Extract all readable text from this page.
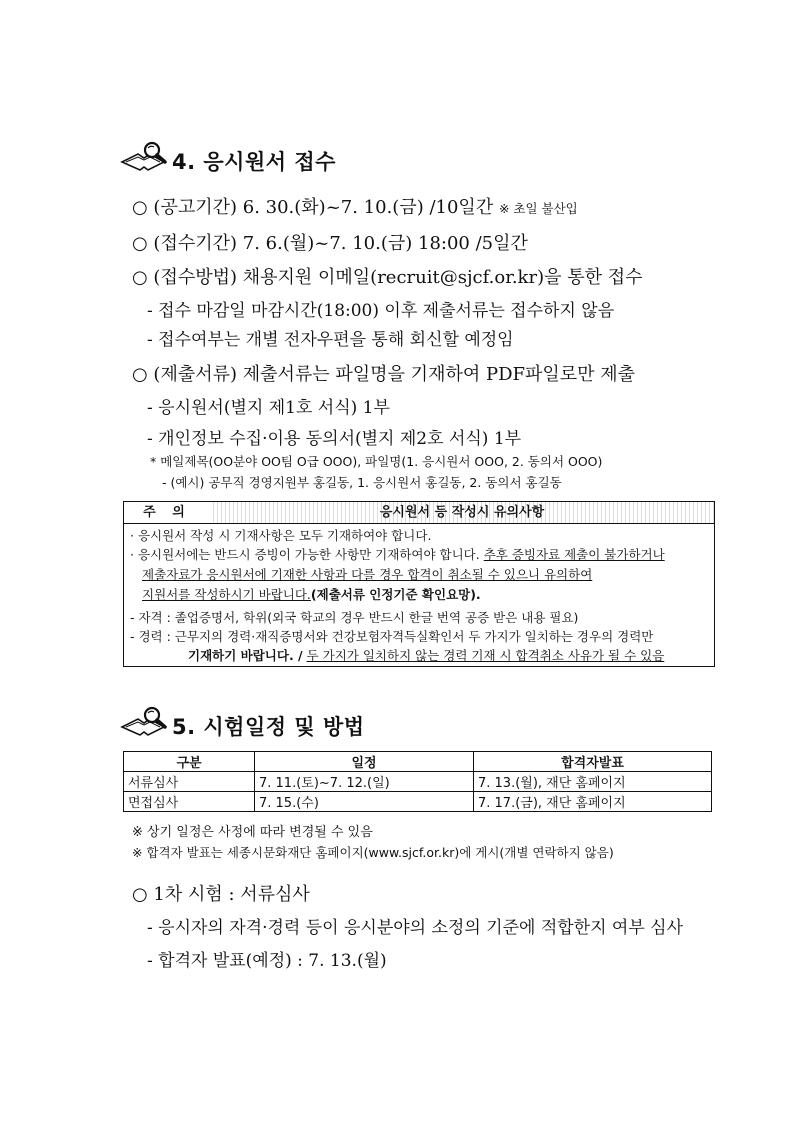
4. 응시원서 접수
○ (공고기간) 6. 30.(화)~7. 10.(금) /10일간 ※ 초일 불산입
○ (접수기간) 7. 6.(월)~7. 10.(금) 18:00 /5일간
○ (접수방법) 채용지원 이메일(recruit@sjcf.or.kr)을 통한 접수
- 접수 마감일 마감시간(18:00) 이후 제출서류는 접수하지 않음
- 접수여부는 개별 전자우편을 통해 회신할 예정임
○ (제출서류) 제출서류는 파일명을 기재하여 PDF파일로만 제출
- 응시원서(별지 제1호 서식) 1부
- 개인정보 수집·이용 동의서(별지 제2호 서식) 1부
* 메일제목(OO분야 OO팀 O급 OOO), 파일명(1. 응시원서 OOO, 2. 동의서 OOO)
- (예시) 공무직 경영지원부 홍길동, 1. 응시원서 홍길동, 2. 동의서 홍길동
주 의	응시원서 등 작성시 유의사항
· 응시원서 작성 시 기재사항은 모두 기재하여야 합니다.
· 응시원서에는 반드시 증빙이 가능한 사항만 기재하여야 합니다. 추후 증빙자료 제출이 불가하거나
제출자료가 응시원서에 기재한 사항과 다를 경우 합격이 취소될 수 있으니 유의하여
지원서를 작성하시기 바랍니다.(제출서류 인정기준 확인요망).
- 자격 : 졸업증명서, 학위(외국 학교의 경우 반드시 한글 번역 공증 받은 내용 필요)
- 경력 : 근무지의 경력·재직증명서와 건강보험자격득실확인서 두 가지가 일치하는 경우의 경력만
기재하기 바랍니다. / 두 가지가 일치하지 않는 경력 기재 시 합격취소 사유가 될 수 있음
5. 시험일정 및 방법
구분	일정	합격자발표
서류심사	7. 11.(토)~7. 12.(일)	7. 13.(월), 재단 홈페이지
면접심사	7. 15.(수)	7. 17.(금), 재단 홈페이지
※ 상기 일정은 사정에 따라 변경될 수 있음
※ 합격자 발표는 세종시문화재단 홈페이지(www.sjcf.or.kr)에 게시(개별 연락하지 않음)
○ 1차 시험 : 서류심사
- 응시자의 자격·경력 등이 응시분야의 소정의 기준에 적합한지 여부 심사
- 합격자 발표(예정) : 7. 13.(월)
